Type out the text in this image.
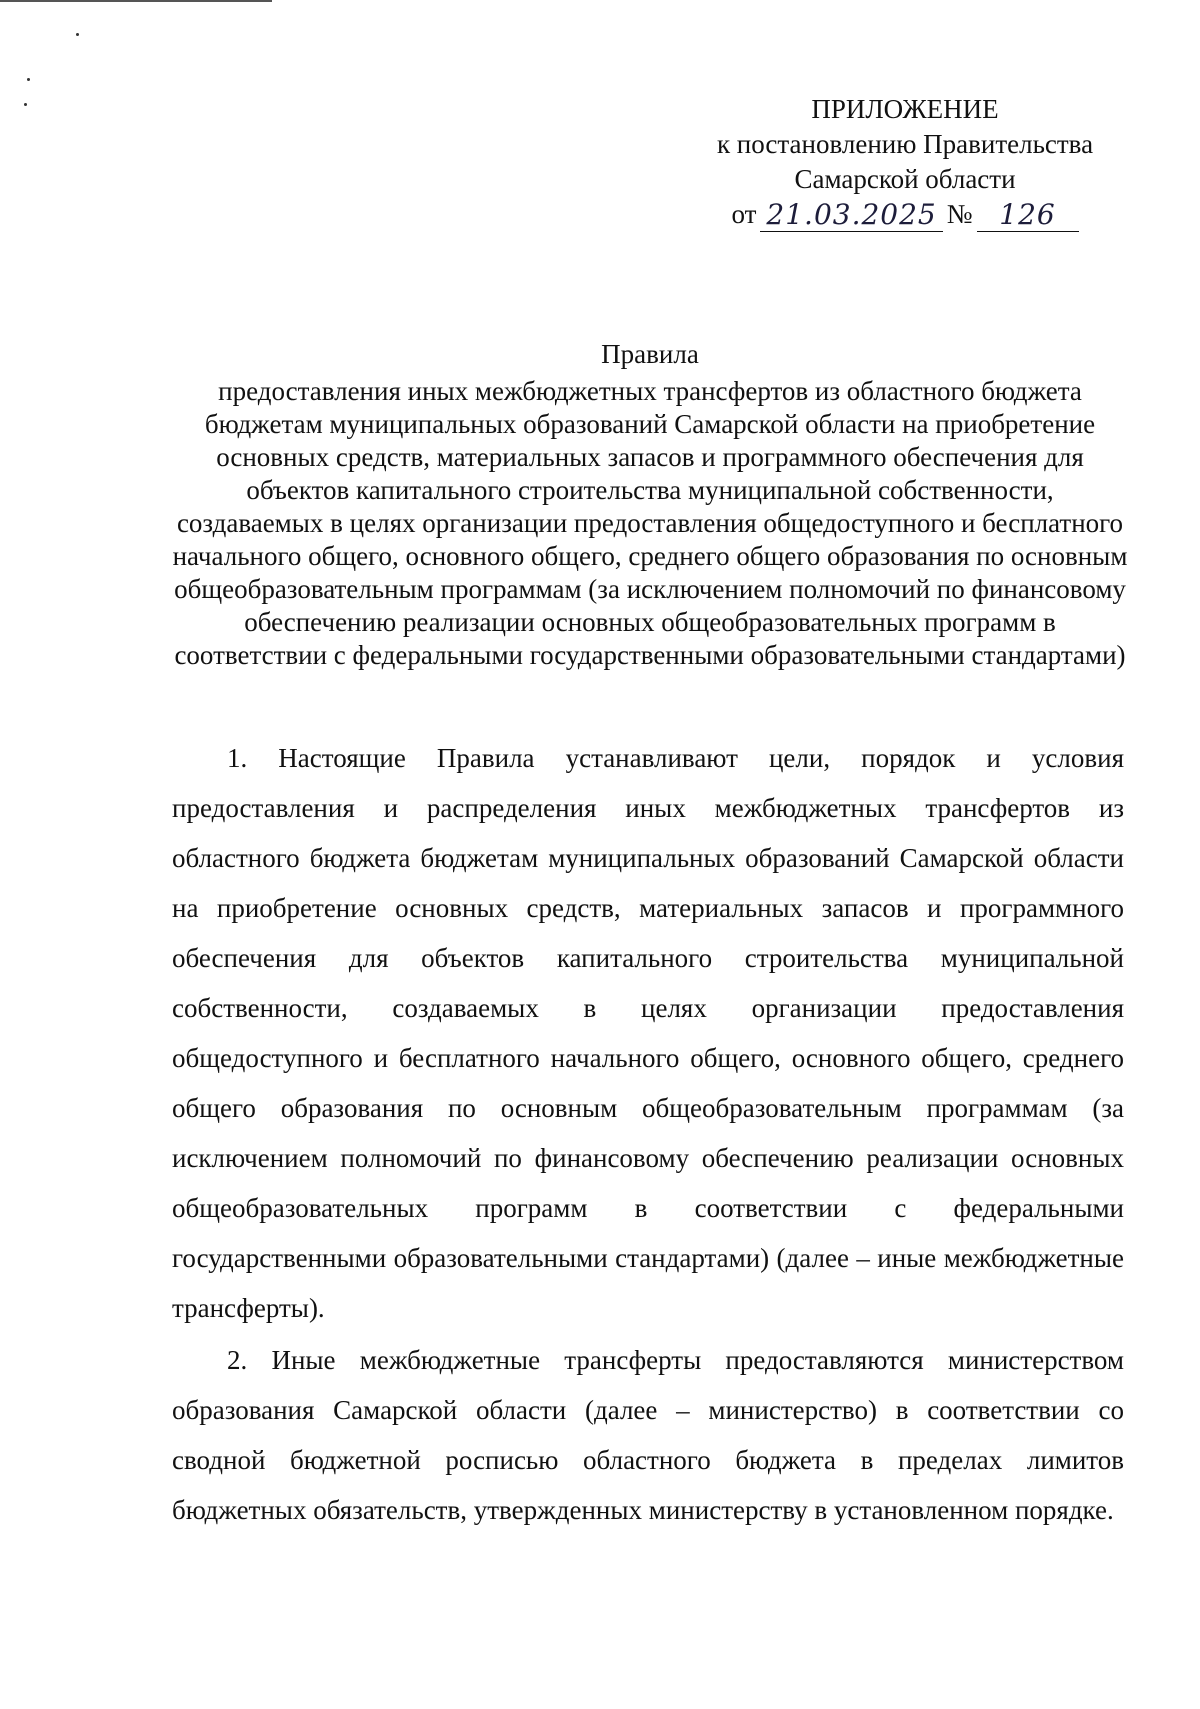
ПРИЛОЖЕНИЕ
к постановлению Правительства
Самарской области
от 21.03.2025 № 126
Правила
предоставления иных межбюджетных трансфертов из областного бюджета бюджетам муниципальных образований Самарской области на приобретение основных средств, материальных запасов и программного обеспечения для объектов капитального строительства муниципальной собственности, создаваемых в целях организации предоставления общедоступного и бесплатного начального общего, основного общего, среднего общего образования по основным общеобразовательным программам (за исключением полномочий по финансовому обеспечению реализации основных общеобразовательных программ в соответствии с федеральными государственными образовательными стандартами)

1. Настоящие Правила устанавливают цели, порядок и условия предоставления и распределения иных межбюджетных трансфертов из областного бюджета бюджетам муниципальных образований Самарской области на приобретение основных средств, материальных запасов и программного обеспечения для объектов капитального строительства муниципальной собственности, создаваемых в целях организации предоставления общедоступного и бесплатного начального общего, основного общего, среднего общего образования по основным общеобразовательным программам (за исключением полномочий по финансовому обеспечению реализации основных общеобразовательных программ в соответствии с федеральными государственными образовательными стандартами) (далее – иные межбюджетные трансферты).

2. Иные межбюджетные трансферты предоставляются министерством образования Самарской области (далее – министерство) в соответствии со сводной бюджетной росписью областного бюджета в пределах лимитов бюджетных обязательств, утвержденных министерству в установленном порядке.
